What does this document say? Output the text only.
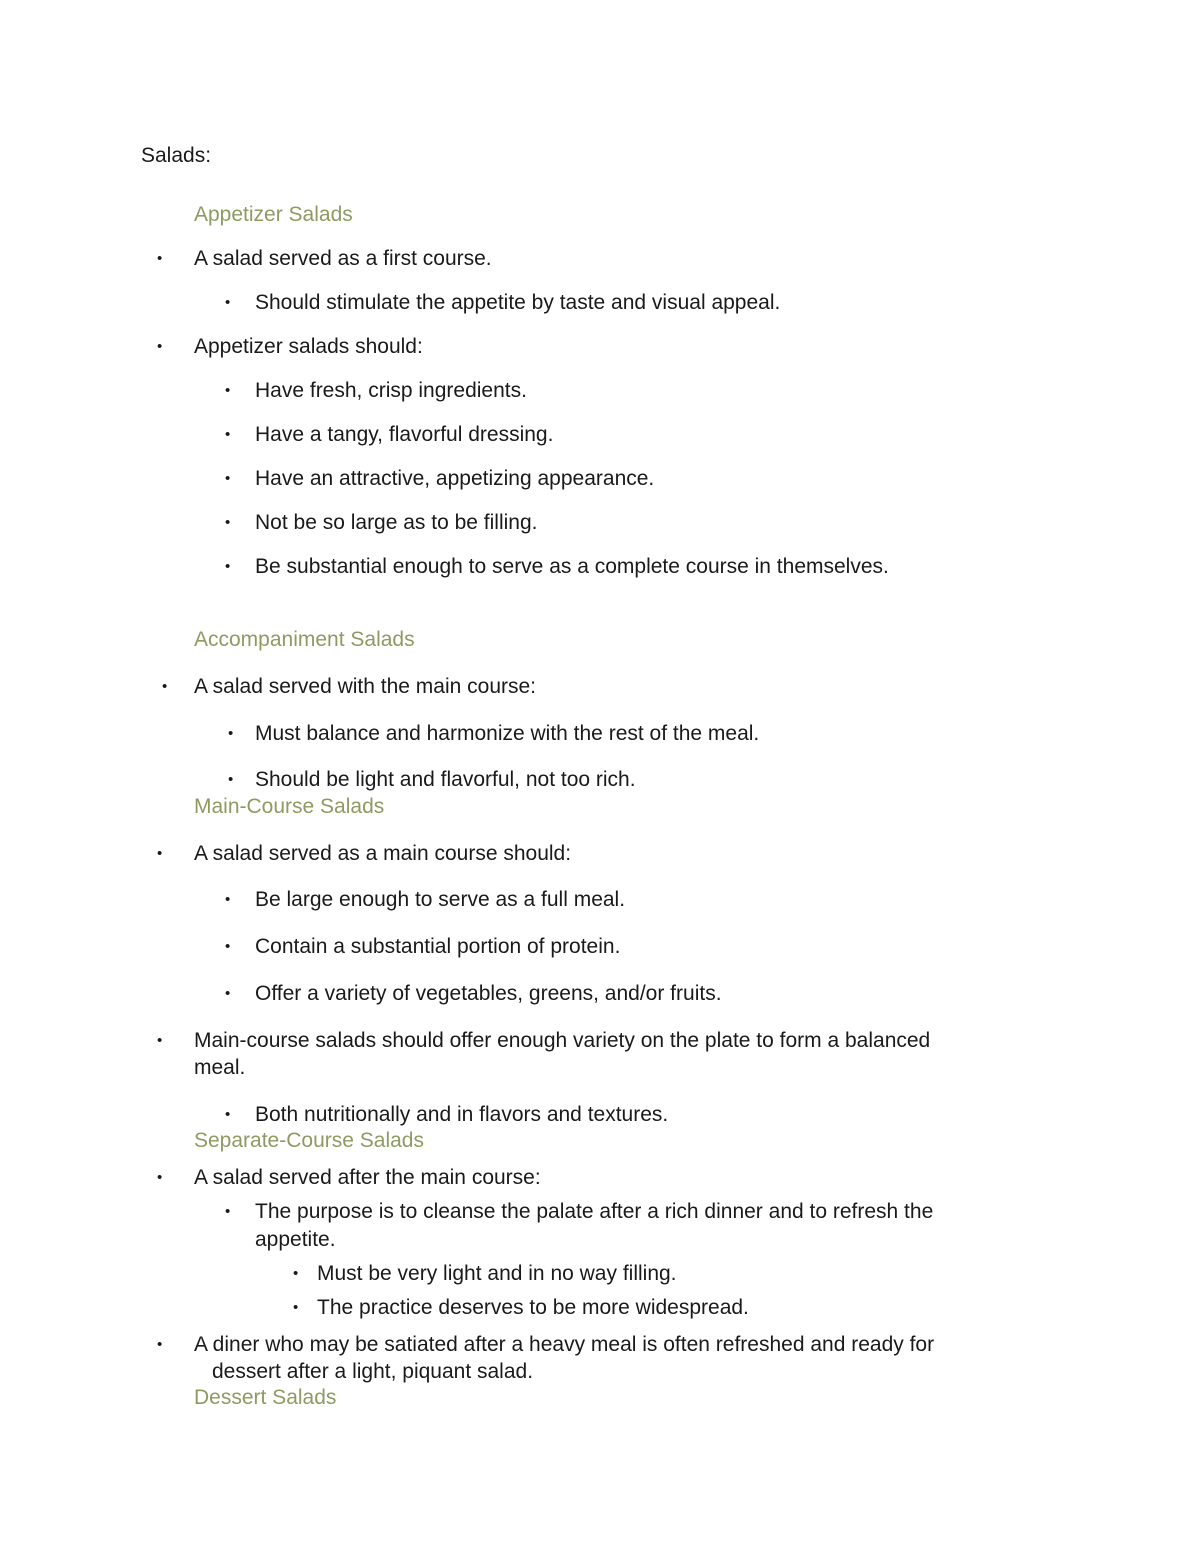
Salads:

Appetizer Salads

• A salad served as a first course.

• Should stimulate the appetite by taste and visual appeal.

• Appetizer salads should:

• Have fresh, crisp ingredients.

• Have a tangy, flavorful dressing.

• Have an attractive, appetizing appearance.

• Not be so large as to be filling.

• Be substantial enough to serve as a complete course in themselves.

Accompaniment Salads

• A salad served with the main course:

• Must balance and harmonize with the rest of the meal.

• Should be light and flavorful, not too rich.

Main-Course Salads

• A salad served as a main course should:

• Be large enough to serve as a full meal.

• Contain a substantial portion of protein.

• Offer a variety of vegetables, greens, and/or fruits.

• Main-course salads should offer enough variety on the plate to form a balanced

meal.

• Both nutritionally and in flavors and textures.

Separate-Course Salads

• A salad served after the main course:

• The purpose is to cleanse the palate after a rich dinner and to refresh the

appetite.

• Must be very light and in no way filling.

• The practice deserves to be more widespread.

• A diner who may be satiated after a heavy meal is often refreshed and ready for

dessert after a light, piquant salad.

Dessert Salads
